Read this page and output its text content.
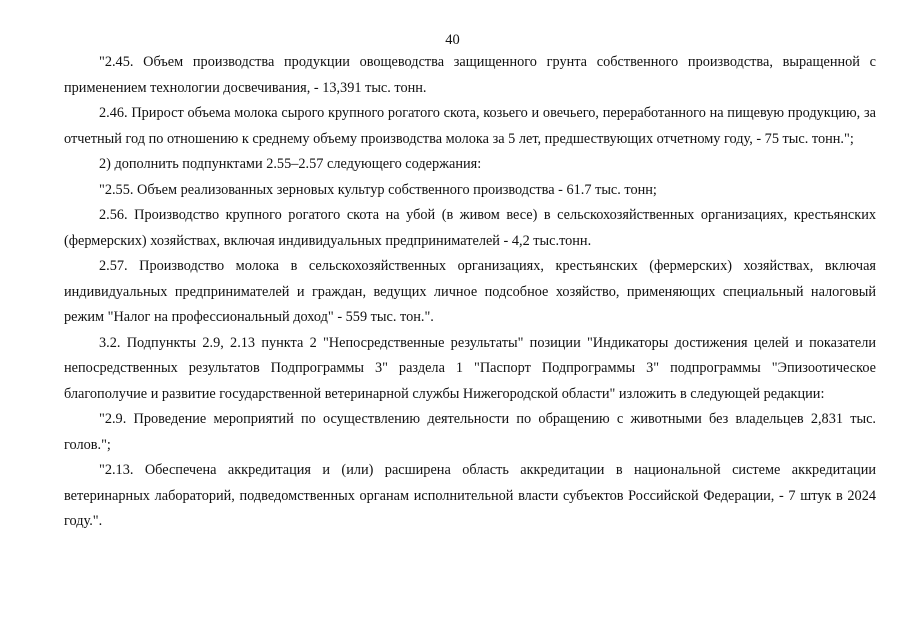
40

"2.45. Объем производства продукции овощеводства защищенного грунта собственного производства, выращенной с применением технологии досвечивания, - 13,391 тыс. тонн.

2.46. Прирост объема молока сырого крупного рогатого скота, козьего и овечьего, переработанного на пищевую продукцию, за отчетный год по отношению к среднему объему производства молока за 5 лет, предшествующих отчетному году, - 75 тыс. тонн.";

2) дополнить подпунктами 2.55–2.57 следующего содержания:

"2.55. Объем реализованных зерновых культур собственного производства - 61.7 тыс. тонн;

2.56. Производство крупного рогатого скота на убой (в живом весе) в сельскохозяйственных организациях, крестьянских (фермерских) хозяйствах, включая индивидуальных предпринимателей - 4,2 тыс.тонн.

2.57. Производство молока в сельскохозяйственных организациях, крестьянских (фермерских) хозяйствах, включая индивидуальных предпринимателей и граждан, ведущих личное подсобное хозяйство, применяющих специальный налоговый режим "Налог на профессиональный доход" - 559 тыс. тон.".

3.2. Подпункты 2.9, 2.13 пункта 2 "Непосредственные результаты" позиции "Индикаторы достижения целей и показатели непосредственных результатов Подпрограммы 3" раздела 1 "Паспорт Подпрограммы 3" подпрограммы "Эпизоотическое благополучие и развитие государственной ветеринарной службы Нижегородской области" изложить в следующей редакции:

"2.9. Проведение мероприятий по осуществлению деятельности по обращению с животными без владельцев 2,831 тыс. голов.";

"2.13. Обеспечена аккредитация и (или) расширена область аккредитации в национальной системе аккредитации ветеринарных лабораторий, подведомственных органам исполнительной власти субъектов Российской Федерации, - 7 штук в 2024 году.".
